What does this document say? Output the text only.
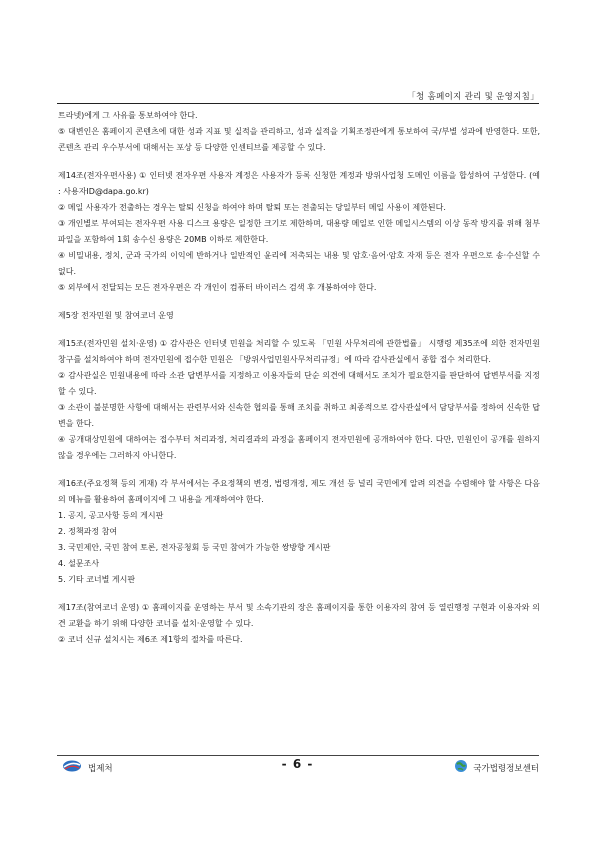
「청 홈페이지 관리 및 운영지침」

트라넷)에게 그 사유를 통보하여야 한다.

⑤ 대변인은 홈페이지 콘텐츠에 대한 성과 지표 및 실적을 관리하고, 성과 실적을 기획조정관에게 통보하여 국/부별 성과에 반영한다. 또한, 콘텐츠 관리 우수부서에 대해서는 포상 등 다양한 인센티브를 제공할 수 있다.

제14조(전자우편사용) ① 인터넷 전자우편 사용자 계정은 사용자가 등록 신청한 계정과 방위사업청 도메인 이름을 합성하여 구성한다. (예 : 사용자ID@dapa.go.kr)

② 메일 사용자가 전출하는 경우는 탈퇴 신청을 하여야 하며 탈퇴 또는 전출되는 당일부터 메일 사용이 제한된다.

③ 개인별로 부여되는 전자우편 사용 디스크 용량은 일정한 크기로 제한하며, 대용량 메일로 인한 메일시스템의 이상 동작 방지를 위해 첨부 파일을 포함하여 1회 송수신 용량은 20MB 이하로 제한한다.

④ 비밀내용, 정치, 군과 국가의 이익에 반하거나 일반적인 윤리에 저촉되는 내용 및 암호·음어·암호 자재 등은 전자 우편으로 송·수신할 수 없다.

⑤ 외부에서 전달되는 모든 전자우편은 각 개인이 컴퓨터 바이러스 검색 후 개봉하여야 한다.

제5장 전자민원 및 참여코너 운영

제15조(전자민원 설치·운영) ① 감사관은 인터넷 민원을 처리할 수 있도록 「민원 사무처리에 관한법률」 시행령 제35조에 의한 전자민원창구를 설치하여야 하며 전자민원에 접수한 민원은 「방위사업민원사무처리규정」에 따라 감사관실에서 종합 접수 처리한다.

② 감사관실은 민원내용에 따라 소관 답변부서를 지정하고 이용자들의 단순 의견에 대해서도 조치가 필요한지를 판단하여 답변부서를 지정할 수 있다.

③ 소관이 불분명한 사항에 대해서는 관련부서와 신속한 협의를 통해 조치를 취하고 최종적으로 감사관실에서 담당부서를 정하여 신속한 답변을 한다.

④ 공개대상민원에 대하여는 접수부터 처리과정, 처리결과의 과정을 홈페이지 전자민원에 공개하여야 한다. 다만, 민원인이 공개를 원하지 않을 경우에는 그러하지 아니한다.

제16조(주요정책 등의 게재) 각 부서에서는 주요정책의 변경, 법령개정, 제도 개선 등 널리 국민에게 알려 의견을 수렴해야 할 사항은 다음의 메뉴를 활용하여 홈페이지에 그 내용을 게재하여야 한다.

1. 공지, 공고사항 등의 게시판

2. 정책과정 참여

3. 국민제안, 국민 참여 토론, 전자공청회 등 국민 참여가 가능한 쌍방향 게시판

4. 설문조사

5. 기타 코너별 게시판

제17조(참여코너 운영) ① 홈페이지를 운영하는 부서 및 소속기관의 장은 홈페이지를 통한 이용자의 참여 등 열린행정 구현과 이용자와 의견 교환을 하기 위해 다양한 코너를 설치·운영할 수 있다.

② 코너 신규 설치시는 제6조 제1항의 절차를 따른다.

법제처	- 6 -	국가법령정보센터
